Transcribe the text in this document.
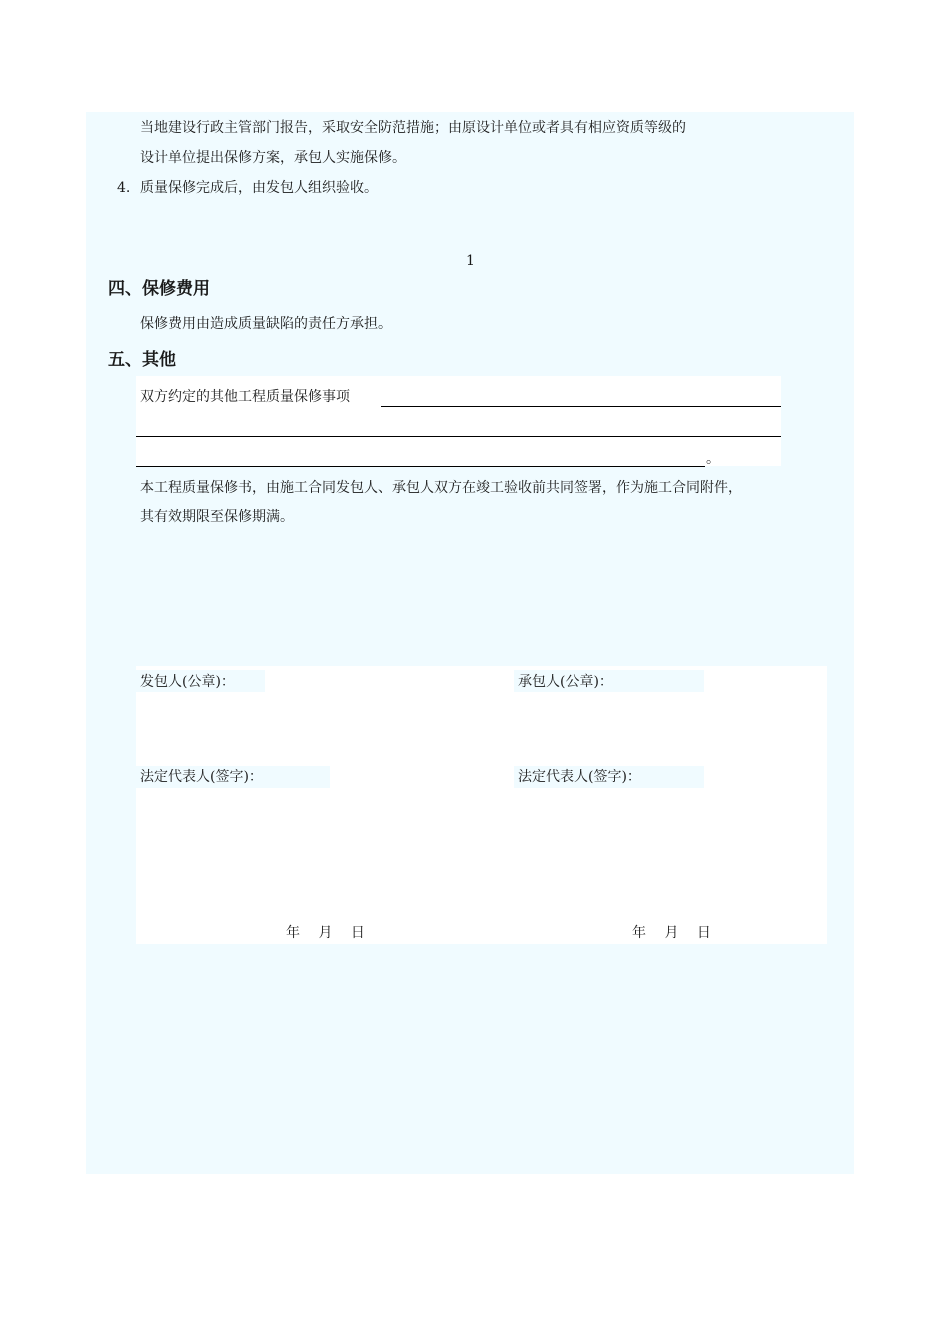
当地建设行政主管部门报告，采取安全防范措施；由原设计单位或者具有相应资质等级的
设计单位提出保修方案，承包人实施保修。
4. 质量保修完成后，由发包人组织验收。
1
四、保修费用
保修费用由造成质量缺陷的责任方承担。
五、其他
双方约定的其他工程质量保修事项
。
本工程质量保修书，由施工合同发包人、承包人双方在竣工验收前共同签署，作为施工合同附件，
其有效期限至保修期满。
发包人(公章)：	承包人(公章)：
法定代表人(签字)：	法定代表人(签字)：
年 月 日	年 月 日
